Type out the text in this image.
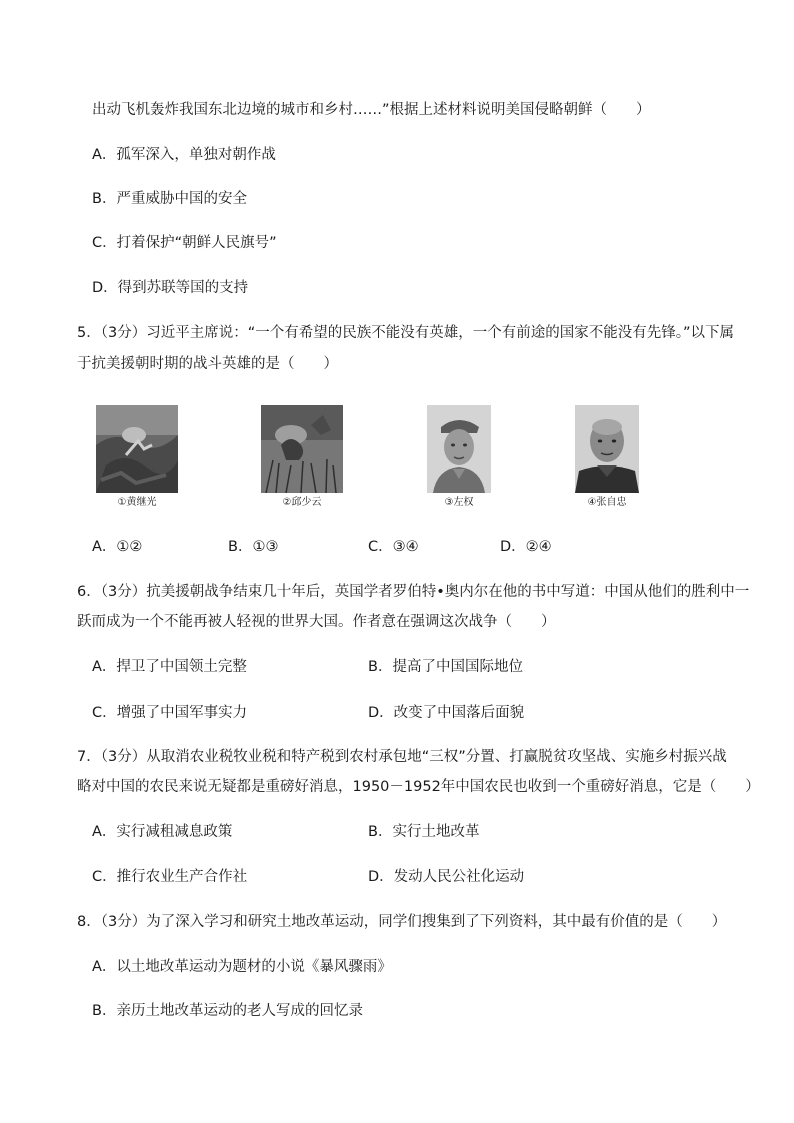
出动飞机轰炸我国东北边境的城市和乡村……”根据上述材料说明美国侵略朝鲜（　　）
A．孤军深入，单独对朝作战
B．严重威胁中国的安全
C．打着保护“朝鲜人民旗号”
D．得到苏联等国的支持
5．（3分）习近平主席说：“一个有希望的民族不能没有英雄，一个有前途的国家不能没有先锋。”以下属
于抗美援朝时期的战斗英雄的是（　　）
①黄继光	②邱少云	③左权	④张自忠
A．①②	B．①③	C．③④	D．②④
6．（3分）抗美援朝战争结束几十年后，英国学者罗伯特•奥内尔在他的书中写道：中国从他们的胜利中一
跃而成为一个不能再被人轻视的世界大国。作者意在强调这次战争（　　）
A．捍卫了中国领土完整	B．提高了中国国际地位
C．增强了中国军事实力	D．改变了中国落后面貌
7．（3分）从取消农业税牧业税和特产税到农村承包地“三权”分置、打赢脱贫攻坚战、实施乡村振兴战
略对中国的农民来说无疑都是重磅好消息，1950－1952年中国农民也收到一个重磅好消息，它是（　　）
A．实行减租减息政策	B．实行土地改革
C．推行农业生产合作社	D．发动人民公社化运动
8．（3分）为了深入学习和研究土地改革运动，同学们搜集到了下列资料，其中最有价值的是（　　）
A．以土地改革运动为题材的小说《暴风骤雨》
B．亲历土地改革运动的老人写成的回忆录
